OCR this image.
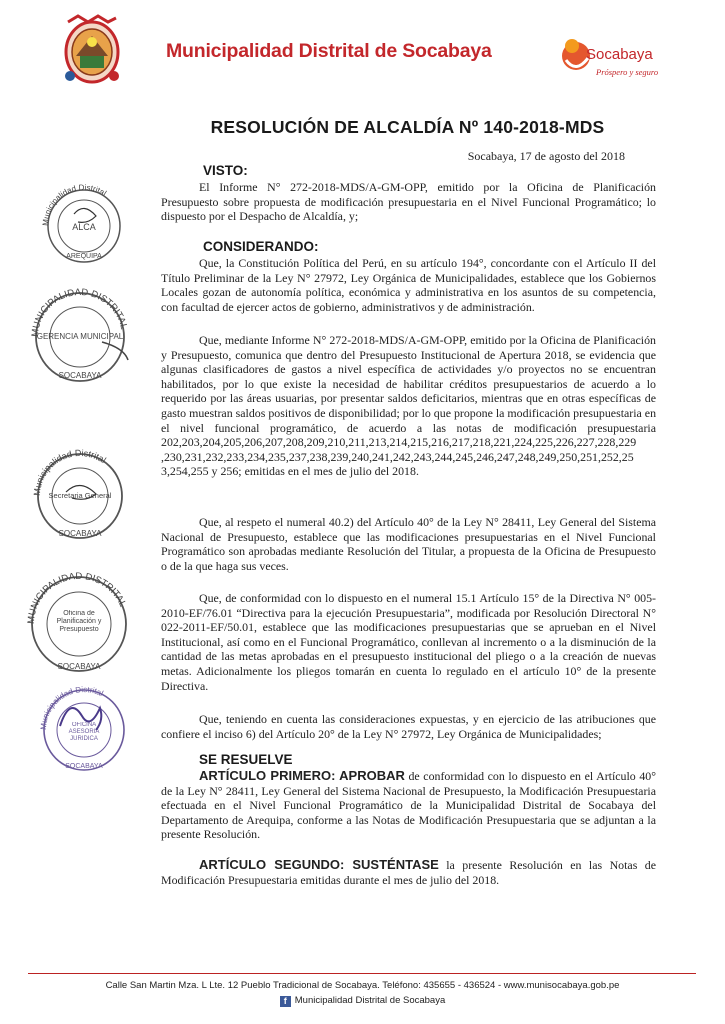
Municipalidad Distrital de Socabaya	Socabaya
Próspero y seguro
RESOLUCIÓN DE ALCALDÍA Nº 140-2018-MDS
Socabaya, 17 de agosto del 2018
VISTO:
El Informe N° 272-2018-MDS/A-GM-OPP, emitido por la Oficina de Planificación Presupuesto sobre propuesta de modificación presupuestaria en el Nivel Funcional Programático; lo dispuesto por el Despacho de Alcaldía, y;
CONSIDERANDO:
Que, la Constitución Política del Perú, en su artículo 194°, concordante con el Artículo II del Título Preliminar de la Ley N° 27972, Ley Orgánica de Municipalidades, establece que los Gobiernos Locales gozan de autonomía política, económica y administrativa en los asuntos de su competencia, con facultad de ejercer actos de gobierno, administrativos y de administración.
Que, mediante Informe N° 272-2018-MDS/A-GM-OPP, emitido por la Oficina de Planificación y Presupuesto, comunica que dentro del Presupuesto Institucional de Apertura 2018, se evidencia que algunas clasificadores de gastos a nivel específica de actividades y/o proyectos no se encuentran habilitados, por lo que existe la necesidad de habilitar créditos presupuestarios de acuerdo a lo requerido por las áreas usuarias, por presentar saldos deficitarios, mientras que en otras específicas de gasto muestran saldos positivos de disponibilidad; por lo que propone la modificación presupuestaria en el nivel funcional programático, de acuerdo a las notas de modificación presupuestaria 202,203,204,205,206,207,208,209,210,211,213,214,215,216,217,218,221,224,225,226,227,228,229 ,230,231,232,233,234,235,237,238,239,240,241,242,243,244,245,246,247,248,249,250,251,252,25 3,254,255 y 256; emitidas en el mes de julio del 2018.
Que, al respeto el numeral 40.2) del Artículo 40° de la Ley N° 28411, Ley General del Sistema Nacional de Presupuesto, establece que las modificaciones presupuestarias en el Nivel Funcional Programático son aprobadas mediante Resolución del Titular, a propuesta de la Oficina de Presupuesto o de la que haga sus veces.
Que, de conformidad con lo dispuesto en el numeral 15.1 Artículo 15° de la Directiva N° 005-2010-EF/76.01 “Directiva para la ejecución Presupuestaria”, modificada por Resolución Directoral N° 022-2011-EF/50.01, establece que las modificaciones presupuestarias que se aprueban en el Nivel Institucional, así como en el Funcional Programático, conllevan al incremento o a la disminución de la cantidad de las metas aprobadas en el presupuesto institucional del pliego o a la creación de nuevas metas. Adicionalmente los pliegos tomarán en cuenta lo regulado en el artículo 10° de la presente Directiva.
Que, teniendo en cuenta las consideraciones expuestas, y en ejercicio de las atribuciones que confiere el inciso 6) del Artículo 20° de la Ley N° 27972, Ley Orgánica de Municipalidades;
SE RESUELVE
ARTÍCULO PRIMERO: APROBAR de conformidad con lo dispuesto en el Artículo 40° de la Ley N° 28411, Ley General del Sistema Nacional de Presupuesto, la Modificación Presupuestaria efectuada en el Nivel Funcional Programático de la Municipalidad Distrital de Socabaya del Departamento de Arequipa, conforme a las Notas de Modificación Presupuestaria que se adjuntan a la presente Resolución.
ARTÍCULO SEGUNDO: SUSTÉNTASE la presente Resolución en las Notas de Modificación Presupuestaria emitidas durante el mes de julio del 2018.
Municipalidad Distrital
ALCA
AREQUIPA
MUNICIPALIDAD DISTRITAL
GERENCIA MUNICIPAL
SOCABAYA
Municipalidad Distrital
Secretaria General
SOCABAYA
MUNICIPALIDAD DISTRITAL
Oficina de Planificación y Presupuesto
SOCABAYA
Municipalidad Distrital
OFICINA ASESORIA JURIDICA
SOCABAYA
Calle San Martin Mza. L Lte. 12 Pueblo Tradicional de Socabaya. Teléfono: 435655 - 436524 - www.munisocabaya.gob.pe
f Municipalidad Distrital de Socabaya
